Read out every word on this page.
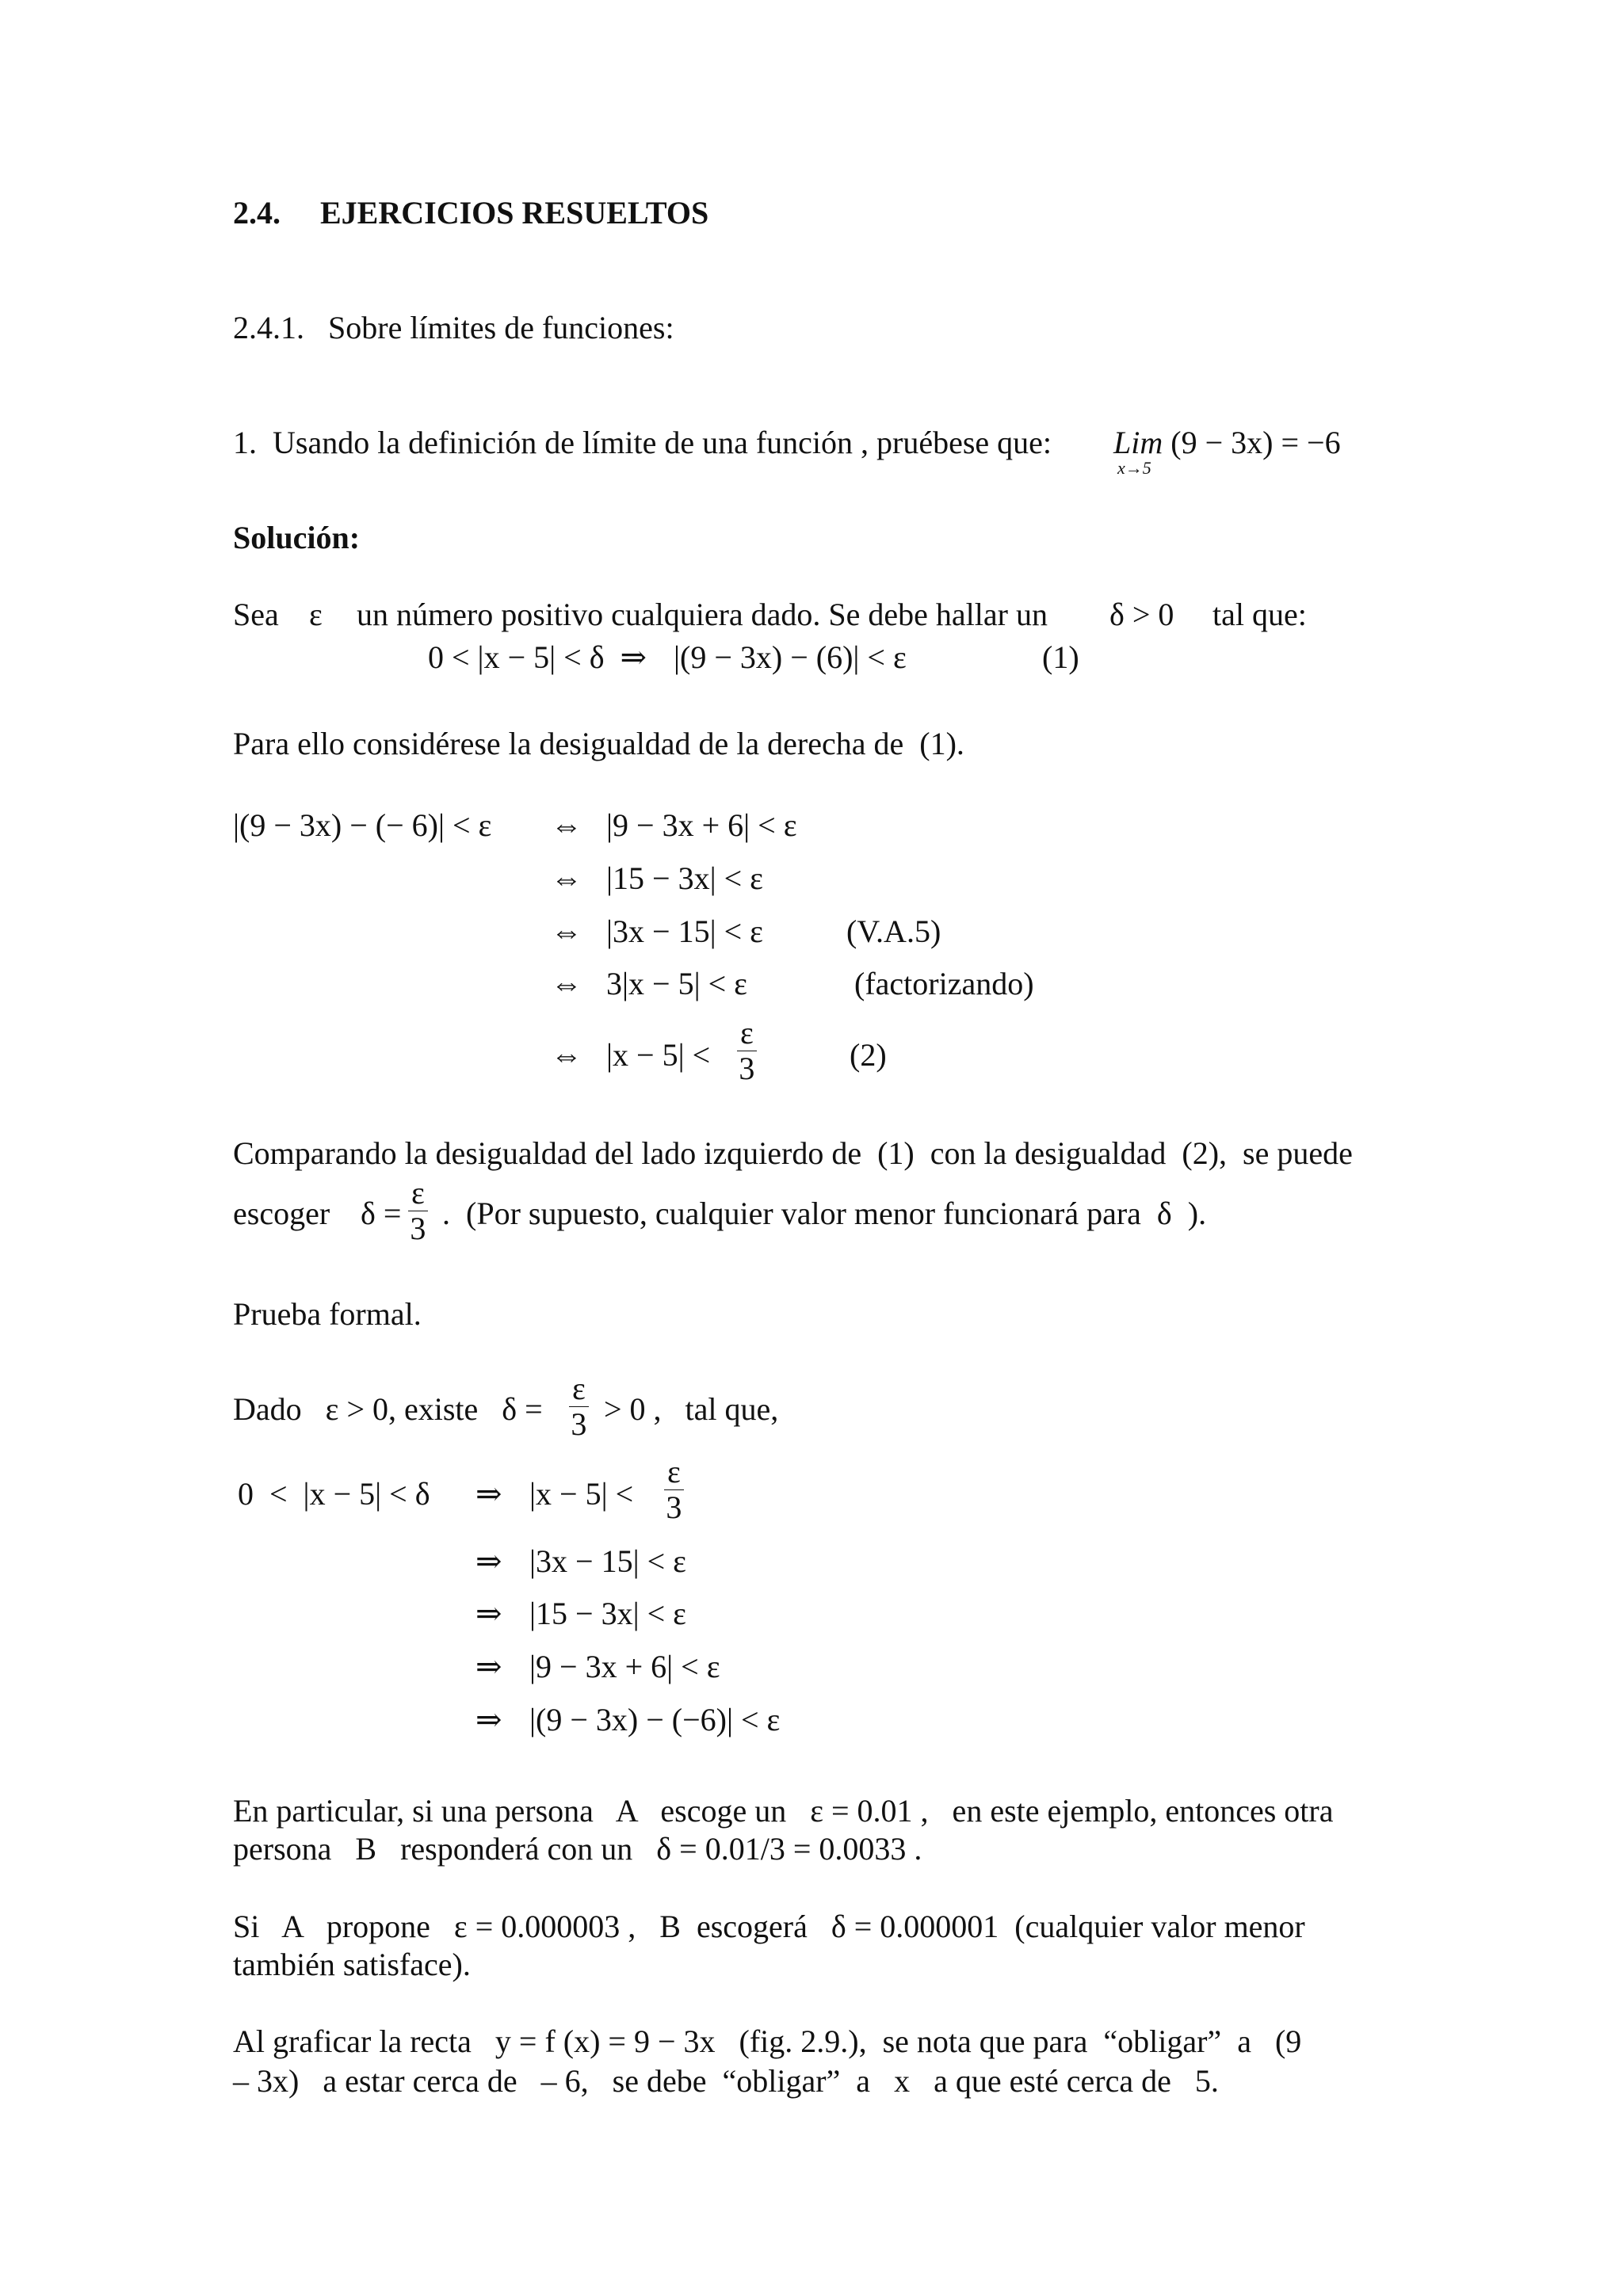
2.4.     EJERCICIOS RESUELTOS
2.4.1.   Sobre límites de funciones:
1.  Usando la definición de límite de una función , pruébese que: Lim (9 − 3x) = −6
x→5
Solución:
Sea ε un número positivo cualquiera dado. Se debe hallar un δ > 0 tal que:
0 < |x − 5| < δ  ⇒ |(9 − 3x) − (6)| < ε	(1)
Para ello considérese la desigualdad de la derecha de  (1).
|(9 − 3x) − (− 6)| < ε ⇔ |9 − 3x + 6| < ε
⇔ |15 − 3x| < ε
⇔ |3x − 15| < ε	(V.A.5)
⇔ 3|x − 5| < ε	(factorizando)
⇔ $|x - 5| < \frac{\varepsilon}{3}$	(2)
Comparando la desigualdad del lado izquierdo de  (1)  con la desigualdad  (2),  se puede
escoger $\delta = \frac{\varepsilon}{3}$ .  (Por supuesto, cualquier valor menor funcionará para  δ  ).
Prueba formal.
Dado   ε > 0, existe   $\delta = \frac{\varepsilon}{3} > 0$ ,   tal que,
0  <  |x − 5| < δ ⇒ $|x - 5| < \frac{\varepsilon}{3}$
⇒ |3x − 15| < ε
⇒ |15 − 3x| < ε
⇒ |9 − 3x + 6| < ε
⇒ |(9 − 3x) − (−6)| < ε
En particular, si una persona   A   escoge un   ε = 0.01 ,   en este ejemplo, entonces otra
persona   B   responderá con un   δ = 0.01/3 = 0.0033 .
Si   A   propone   ε = 0.000003 ,   B  escogerá   δ = 0.000001  (cualquier valor menor
también satisface).
Al graficar la recta   y = f (x) = 9 − 3x   (fig. 2.9.),  se nota que para  “obligar”  a   (9
– 3x)   a estar cerca de   – 6,   se debe  “obligar”  a   x   a que esté cerca de   5.
